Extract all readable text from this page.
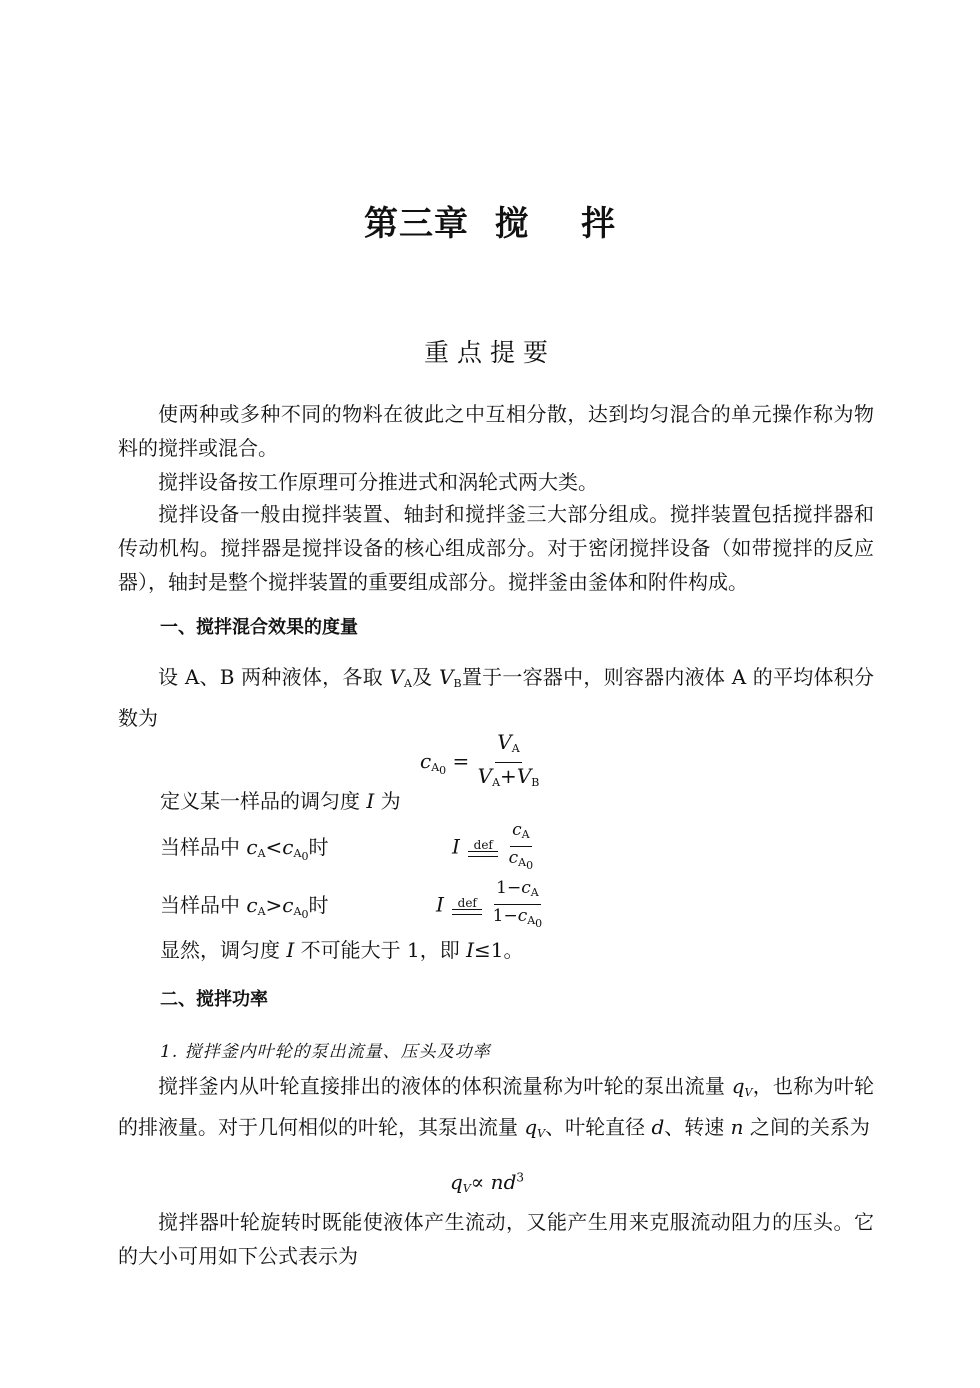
第三章  搅    拌
重点提要

使两种或多种不同的物料在彼此之中互相分散，达到均匀混合的单元操作称为物料的搅拌或混合。

搅拌设备按工作原理可分推进式和涡轮式两大类。

搅拌设备一般由搅拌装置、轴封和搅拌釜三大部分组成。搅拌装置包括搅拌器和传动机构。搅拌器是搅拌设备的核心组成部分。对于密闭搅拌设备（如带搅拌的反应器），轴封是整个搅拌装置的重要组成部分。搅拌釜由釜体和附件构成。

一、搅拌混合效果的度量

设 A、B 两种液体，各取 $V_A$及 $V_B$置于一容器中，则容器内液体 A 的平均体积分数为

$c_{A_0} = \frac{V_A}{V_A+V_B}$
定义某一样品的调匀度 I 为
当样品中 $c_A<c_{A_0}$时	I def
$\frac{c_A}{c_{A_0}}$
当样品中 $c_A>c_{A_0}$时	I def
$\frac{1-c_A}{1-c_{A_0}}$
显然，调匀度 I 不可能大于 1，即 I≤1。
二、搅拌功率
1. 搅拌釜内叶轮的泵出流量、压头及功率

搅拌釜内从叶轮直接排出的液体的体积流量称为叶轮的泵出流量 $q_V$，也称为叶轮的排液量。对于几何相似的叶轮，其泵出流量 $q_V$、叶轮直径 d、转速 n 之间的关系为

$q_V\propto nd^3$

搅拌器叶轮旋转时既能使液体产生流动，又能产生用来克服流动阻力的压头。它的大小可用如下公式表示为
